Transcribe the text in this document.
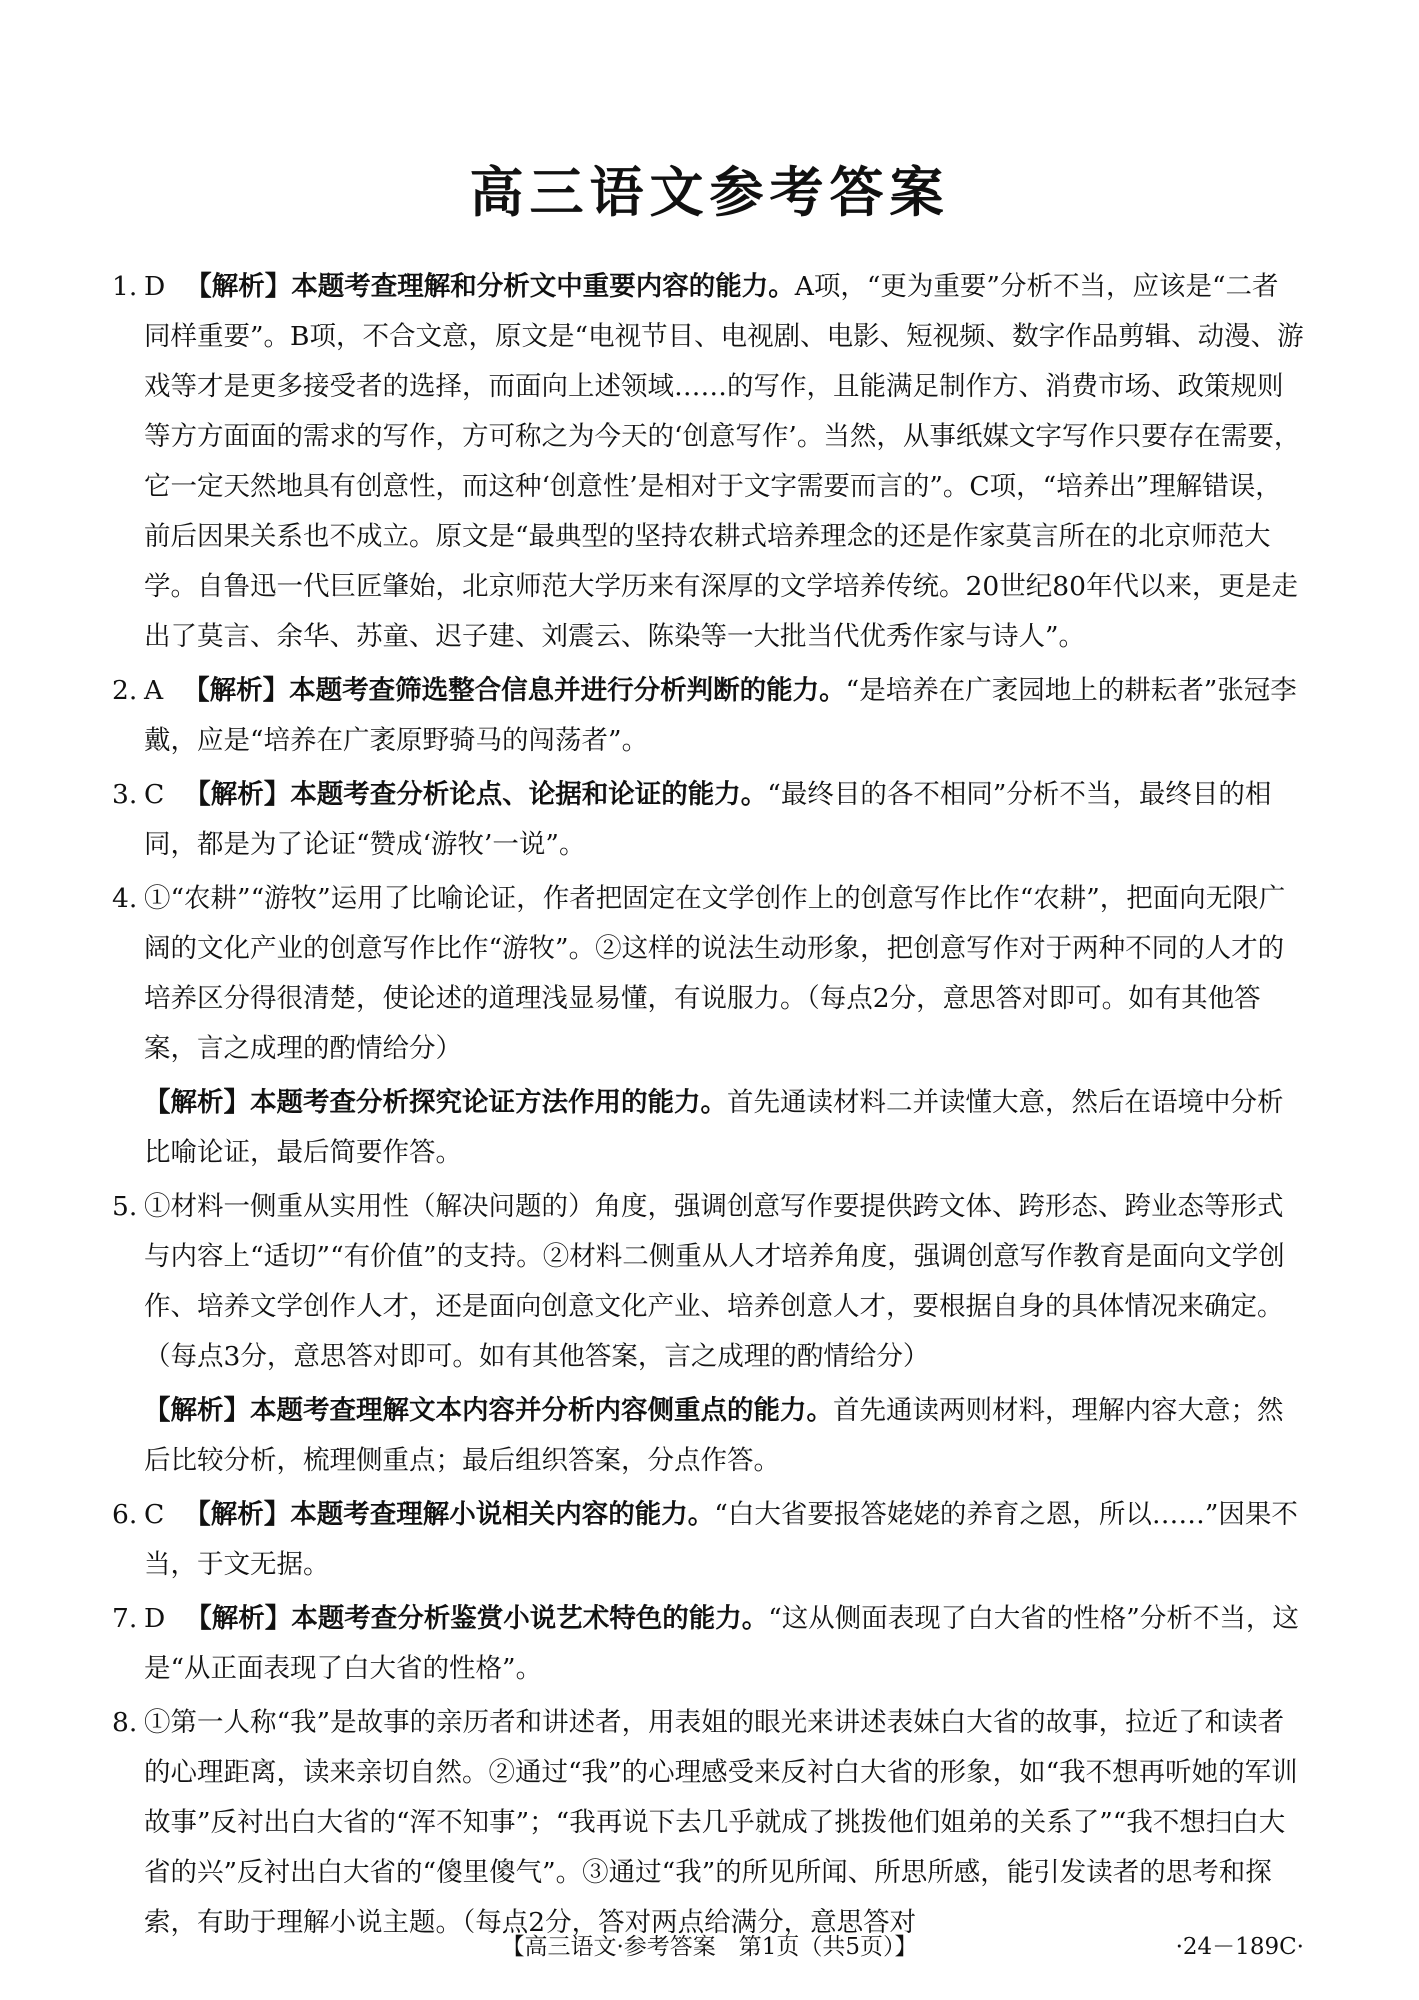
高三语文参考答案
1. D 【解析】本题考查理解和分析文中重要内容的能力。A项，“更为重要”分析不当，应该是“二者同样重要”。B项，不合文意，原文是“电视节目、电视剧、电影、短视频、数字作品剪辑、动漫、游戏等才是更多接受者的选择，而面向上述领域……的写作，且能满足制作方、消费市场、政策规则等方方面面的需求的写作，方可称之为今天的‘创意写作’。当然，从事纸媒文字写作只要存在需要，它一定天然地具有创意性，而这种‘创意性’是相对于文字需要而言的”。C项，“培养出”理解错误，前后因果关系也不成立。原文是“最典型的坚持农耕式培养理念的还是作家莫言所在的北京师范大学。自鲁迅一代巨匠肇始，北京师范大学历来有深厚的文学培养传统。20世纪80年代以来，更是走出了莫言、余华、苏童、迟子建、刘震云、陈染等一大批当代优秀作家与诗人”。
2. A 【解析】本题考查筛选整合信息并进行分析判断的能力。“是培养在广袤园地上的耕耘者”张冠李戴，应是“培养在广袤原野骑马的闯荡者”。
3. C 【解析】本题考查分析论点、论据和论证的能力。“最终目的各不相同”分析不当，最终目的相同，都是为了论证“赞成‘游牧’一说”。
4. ①“农耕”“游牧”运用了比喻论证，作者把固定在文学创作上的创意写作比作“农耕”，把面向无限广阔的文化产业的创意写作比作“游牧”。②这样的说法生动形象，把创意写作对于两种不同的人才的培养区分得很清楚，使论述的道理浅显易懂，有说服力。（每点2分，意思答对即可。如有其他答案，言之成理的酌情给分）
【解析】本题考查分析探究论证方法作用的能力。首先通读材料二并读懂大意，然后在语境中分析比喻论证，最后简要作答。
5. ①材料一侧重从实用性（解决问题的）角度，强调创意写作要提供跨文体、跨形态、跨业态等形式与内容上“适切”“有价值”的支持。②材料二侧重从人才培养角度，强调创意写作教育是面向文学创作、培养文学创作人才，还是面向创意文化产业、培养创意人才，要根据自身的具体情况来确定。（每点3分，意思答对即可。如有其他答案，言之成理的酌情给分）
【解析】本题考查理解文本内容并分析内容侧重点的能力。首先通读两则材料，理解内容大意；然后比较分析，梳理侧重点；最后组织答案，分点作答。
6. C 【解析】本题考查理解小说相关内容的能力。“白大省要报答姥姥的养育之恩，所以……”因果不当，于文无据。
7. D 【解析】本题考查分析鉴赏小说艺术特色的能力。“这从侧面表现了白大省的性格”分析不当，这是“从正面表现了白大省的性格”。
8. ①第一人称“我”是故事的亲历者和讲述者，用表姐的眼光来讲述表妹白大省的故事，拉近了和读者的心理距离，读来亲切自然。②通过“我”的心理感受来反衬白大省的形象，如“我不想再听她的军训故事”反衬出白大省的“浑不知事”；“我再说下去几乎就成了挑拨他们姐弟的关系了”“我不想扫白大省的兴”反衬出白大省的“傻里傻气”。③通过“我”的所见所闻、所思所感，能引发读者的思考和探索，有助于理解小说主题。（每点2分，答对两点给满分，意思答对
【高三语文·参考答案　第1页（共5页）】	·24－189C·
